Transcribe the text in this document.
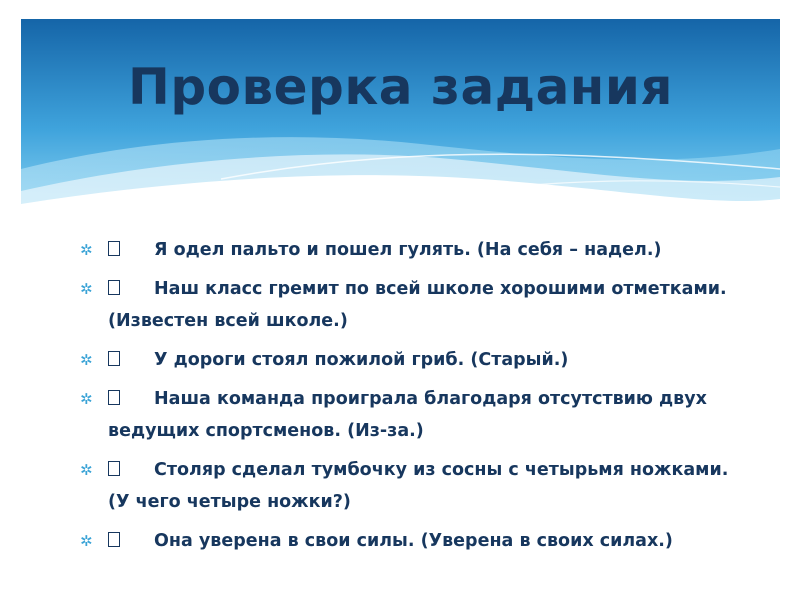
Проверка задания
✲	Я одел пальто и пошел гулять. (На себя – надел.)
✲	Наш класс гремит по всей школе хорошими отметками. (Известен всей школе.)
✲	У дороги стоял пожилой гриб. (Старый.)
✲	Наша команда проиграла благодаря отсутствию двух ведущих спортсменов. (Из-за.)
✲	Столяр сделал тумбочку из сосны с четырьмя ножками. (У чего четыре ножки?)
✲	Она уверена в свои силы. (Уверена в своих силах.)
